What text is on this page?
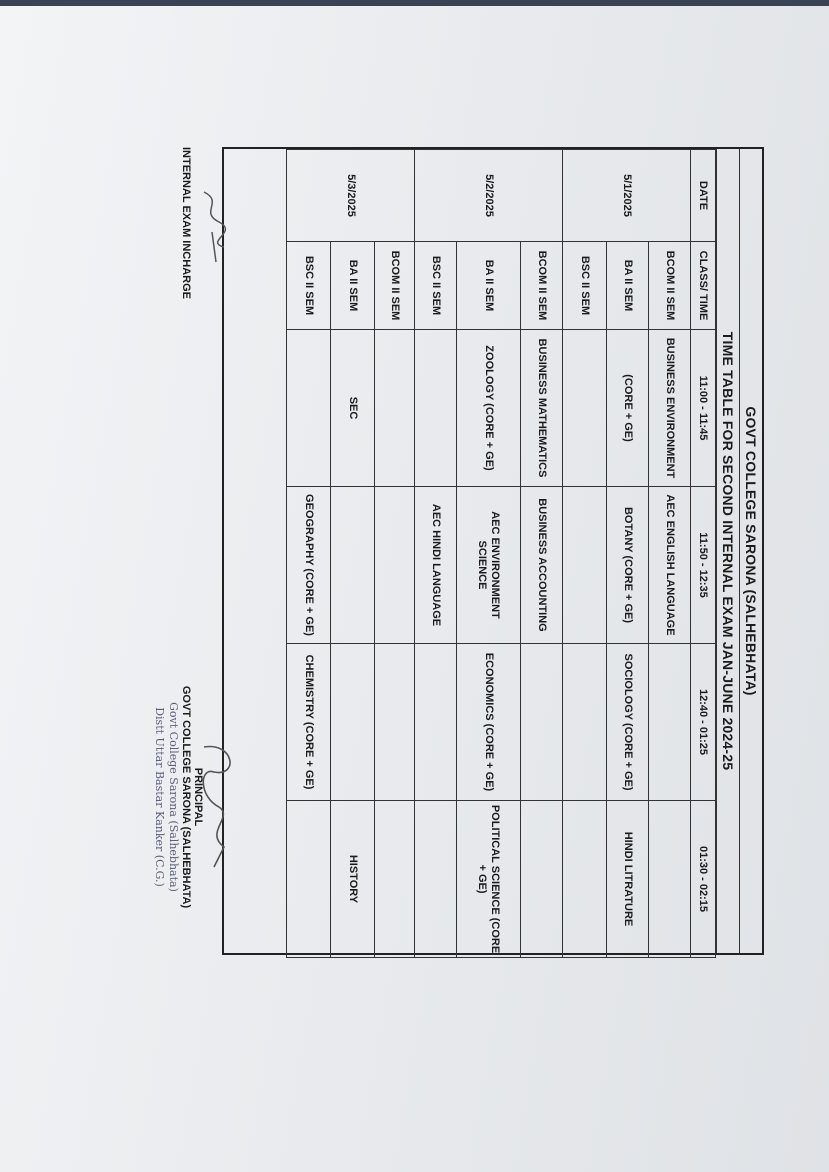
GOVT COLLEGE SARONA (SALHEBHATA)
TIME TABLE FOR SECOND INTERNAL EXAM JAN-JUNE 2024-25
DATE	CLASS/ TIME	11:00 - 11:45	11:50 - 12:35	12:40 - 01:25	01:30 - 02:15
5/1/2025	BCOM II SEM	BUSINESS ENVIRONMENT	AEC ENGLISH LANGUAGE		
	BA II SEM	(CORE + GE)	BOTANY (CORE + GE)	SOCIOLOGY (CORE + GE)	HINDI LITRATURE
	BSC II SEM				
5/2/2025	BCOM II SEM	BUSINESS MATHEMATICS	BUSINESS ACCOUNTING		
	BA II SEM	ZOOLOGY (CORE + GE)	AEC ENVIRONMENT SCIENCE	ECONOMICS (CORE + GE)	POLITICAL SCIENCE (CORE + GE)
	BSC II SEM		AEC HINDI LANGUAGE		
5/3/2025	BCOM II SEM				
	BA II SEM	SEC			HISTORY
	BSC II SEM		GEOGRAPHY (CORE + GE)	CHEMISTRY (CORE + GE)	
INTERNAL EXAM INCHARGE
PRINCIPAL
GOVT COLLEGE SARONA (SALHEBHATA)
Govt College Sarona (Salhebhata)
Distt Uttar Bastar Kanker (C.G.)
